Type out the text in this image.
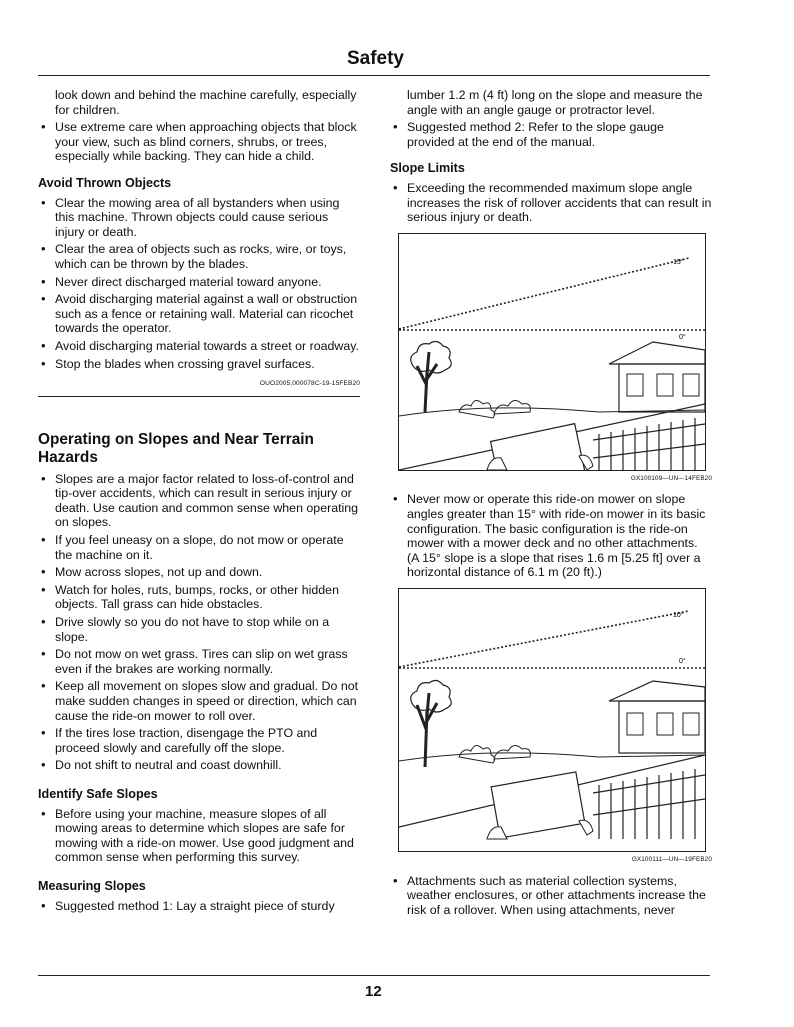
Safety
look down and behind the machine carefully, especially for children.
• Use extreme care when approaching objects that block your view, such as blind corners, shrubs, or trees, especially while backing. They can hide a child.
Avoid Thrown Objects
• Clear the mowing area of all bystanders when using this machine. Thrown objects could cause serious injury or death.
• Clear the area of objects such as rocks, wire, or toys, which can be thrown by the blades.
• Never direct discharged material toward anyone.
• Avoid discharging material against a wall or obstruction such as a fence or retaining wall. Material can ricochet towards the operator.
• Avoid discharging material towards a street or roadway.
• Stop the blades when crossing gravel surfaces.
OUO2005,000078C-19-15FEB20
Operating on Slopes and Near Terrain Hazards
• Slopes are a major factor related to loss-of-control and tip-over accidents, which can result in serious injury or death. Use caution and common sense when operating on slopes.
• If you feel uneasy on a slope, do not mow or operate the machine on it.
• Mow across slopes, not up and down.
• Watch for holes, ruts, bumps, rocks, or other hidden objects. Tall grass can hide obstacles.
• Drive slowly so you do not have to stop while on a slope.
• Do not mow on wet grass. Tires can slip on wet grass even if the brakes are working normally.
• Keep all movement on slopes slow and gradual. Do not make sudden changes in speed or direction, which can cause the ride-on mower to roll over.
• If the tires lose traction, disengage the PTO and proceed slowly and carefully off the slope.
• Do not shift to neutral and coast downhill.
Identify Safe Slopes
• Before using your machine, measure slopes of all mowing areas to determine which slopes are safe for mowing with a ride-on mower. Use good judgment and common sense when performing this survey.
Measuring Slopes
• Suggested method 1: Lay a straight piece of sturdy
lumber 1.2 m (4 ft) long on the slope and measure the angle with an angle gauge or protractor level.
• Suggested method 2: Refer to the slope gauge provided at the end of the manual.
Slope Limits
• Exceeding the recommended maximum slope angle increases the risk of rollover accidents that can result in serious injury or death.
15°
0°
GX100109—UN—14FEB20
• Never mow or operate this ride-on mower on slope angles greater than 15° with ride-on mower in its basic configuration. The basic configuration is the ride-on mower with a mower deck and no other attachments. (A 15° slope is a slope that rises 1.6 m [5.25 ft] over a horizontal distance of 6.1 m (20 ft).)
10°
0°
GX100111—UN—19FEB20
• Attachments such as material collection systems, weather enclosures, or other attachments increase the risk of a rollover. When using attachments, never
12
